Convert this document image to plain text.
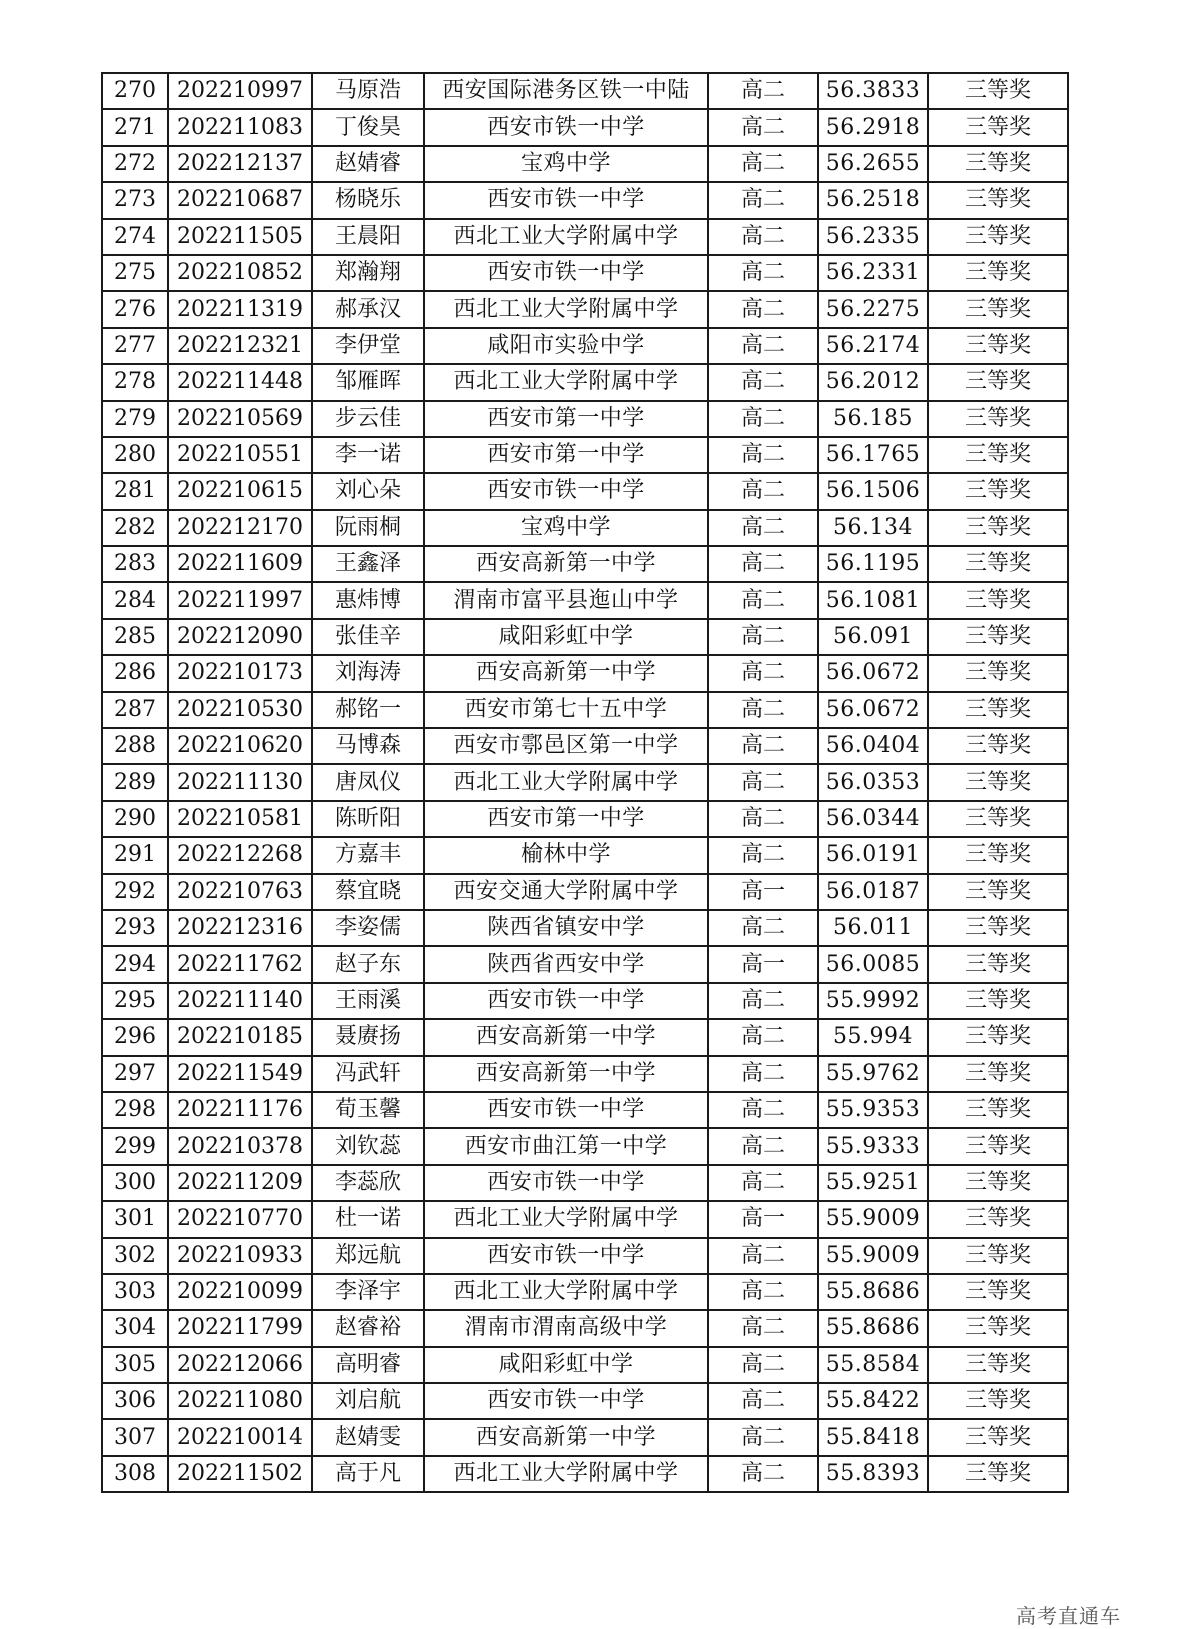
270	202210997	马原浩	西安国际港务区铁一中陆	高二	56.3833	三等奖
271	202211083	丁俊昊	西安市铁一中学	高二	56.2918	三等奖
272	202212137	赵婧睿	宝鸡中学	高二	56.2655	三等奖
273	202210687	杨晓乐	西安市铁一中学	高二	56.2518	三等奖
274	202211505	王晨阳	西北工业大学附属中学	高二	56.2335	三等奖
275	202210852	郑瀚翔	西安市铁一中学	高二	56.2331	三等奖
276	202211319	郝承汉	西北工业大学附属中学	高二	56.2275	三等奖
277	202212321	李伊堂	咸阳市实验中学	高二	56.2174	三等奖
278	202211448	邹雁晖	西北工业大学附属中学	高二	56.2012	三等奖
279	202210569	步云佳	西安市第一中学	高二	56.185	三等奖
280	202210551	李一诺	西安市第一中学	高二	56.1765	三等奖
281	202210615	刘心朵	西安市铁一中学	高二	56.1506	三等奖
282	202212170	阮雨桐	宝鸡中学	高二	56.134	三等奖
283	202211609	王鑫泽	西安高新第一中学	高二	56.1195	三等奖
284	202211997	惠炜博	渭南市富平县迤山中学	高二	56.1081	三等奖
285	202212090	张佳辛	咸阳彩虹中学	高二	56.091	三等奖
286	202210173	刘海涛	西安高新第一中学	高二	56.0672	三等奖
287	202210530	郝铭一	西安市第七十五中学	高二	56.0672	三等奖
288	202210620	马博森	西安市鄠邑区第一中学	高二	56.0404	三等奖
289	202211130	唐凤仪	西北工业大学附属中学	高二	56.0353	三等奖
290	202210581	陈昕阳	西安市第一中学	高二	56.0344	三等奖
291	202212268	方嘉丰	榆林中学	高二	56.0191	三等奖
292	202210763	蔡宜晓	西安交通大学附属中学	高一	56.0187	三等奖
293	202212316	李姿儒	陕西省镇安中学	高二	56.011	三等奖
294	202211762	赵子东	陕西省西安中学	高一	56.0085	三等奖
295	202211140	王雨溪	西安市铁一中学	高二	55.9992	三等奖
296	202210185	聂赓扬	西安高新第一中学	高二	55.994	三等奖
297	202211549	冯武轩	西安高新第一中学	高二	55.9762	三等奖
298	202211176	荀玉馨	西安市铁一中学	高二	55.9353	三等奖
299	202210378	刘钦蕊	西安市曲江第一中学	高二	55.9333	三等奖
300	202211209	李蕊欣	西安市铁一中学	高二	55.9251	三等奖
301	202210770	杜一诺	西北工业大学附属中学	高一	55.9009	三等奖
302	202210933	郑远航	西安市铁一中学	高二	55.9009	三等奖
303	202210099	李泽宇	西北工业大学附属中学	高二	55.8686	三等奖
304	202211799	赵睿裕	渭南市渭南高级中学	高二	55.8686	三等奖
305	202212066	高明睿	咸阳彩虹中学	高二	55.8584	三等奖
306	202211080	刘启航	西安市铁一中学	高二	55.8422	三等奖
307	202210014	赵婧雯	西安高新第一中学	高二	55.8418	三等奖
308	202211502	高于凡	西北工业大学附属中学	高二	55.8393	三等奖
高考直通车
